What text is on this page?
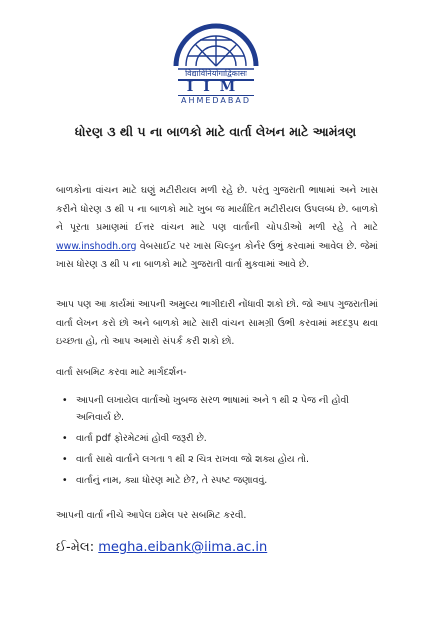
विद्याविनियोगाद्विकासः
IIM
AHMEDABAD
ધોરણ ૩ થી ૫ ના બાળકો માટે વાર્તા લેખન માટે આમંત્રણ

બાળકોના વાંચન માટે ઘણું મટીરીયલ મળી રહે છે. પરંતુ ગુજરાતી ભાષામાં અને ખાસ કરીને ધોરણ ૩ થી ૫ ના બાળકો માટે ખુબ જ માર્યાદિત મટીરીયલ ઉપલબ્ધ છે. બાળકો ને પૂરતા પ્રમાણમાં ઈત્તર વાંચન માટે પણ વાર્તાની ચોપડીઓ મળી રહે તે માટે www.inshodh.org વેબસાઈટ પર ખાસ ચિલ્ડ્રન કોર્નર ઉભું કરવામાં આવેલ છે. જેમાં ખાસ ધોરણ ૩ થી ૫ ના બાળકો માટે ગુજરાતી વાર્તા મુકવામાં આવે છે.

આપ પણ આ કાર્યમાં આપની અમુલ્ય ભાગીદારી નોંધાવી શકો છો. જો આપ ગુજરાતીમાં વાર્તા લેખન કરો છો અને બાળકો માટે સારી વાંચન સામગ્રી ઉભી કરવામાં મદદરૂપ થવા ઇચ્છતા હો, તો આપ અમારો સંપર્ક કરી શકો છો.

વાર્તા સબમિટ કરવા માટે માર્ગદર્શન-
• આપની લખાયેલ વાર્તાઓ ખુબજ સરળ ભાષામાં અને ૧ થી ૨ પેજ ની હોવી અનિવાર્ય છે.
• વાર્તા pdf ફોરમેટમાં હોવી જરૂરી છે.
• વાર્તા સાથે વાર્તાને લગતા ૧ થી ૨ ચિત્ર રાખવા જો શક્ય હોય તો.
• વાર્તાનું નામ, ક્યા ધોરણ માટે છે?, તે સ્પષ્ટ જણાવવું.
આપની વાર્તા નીચે આપેલ ઇમેલ પર સબમિટ કરવી.
ઈ-મેલ: megha.eibank@iima.ac.in
